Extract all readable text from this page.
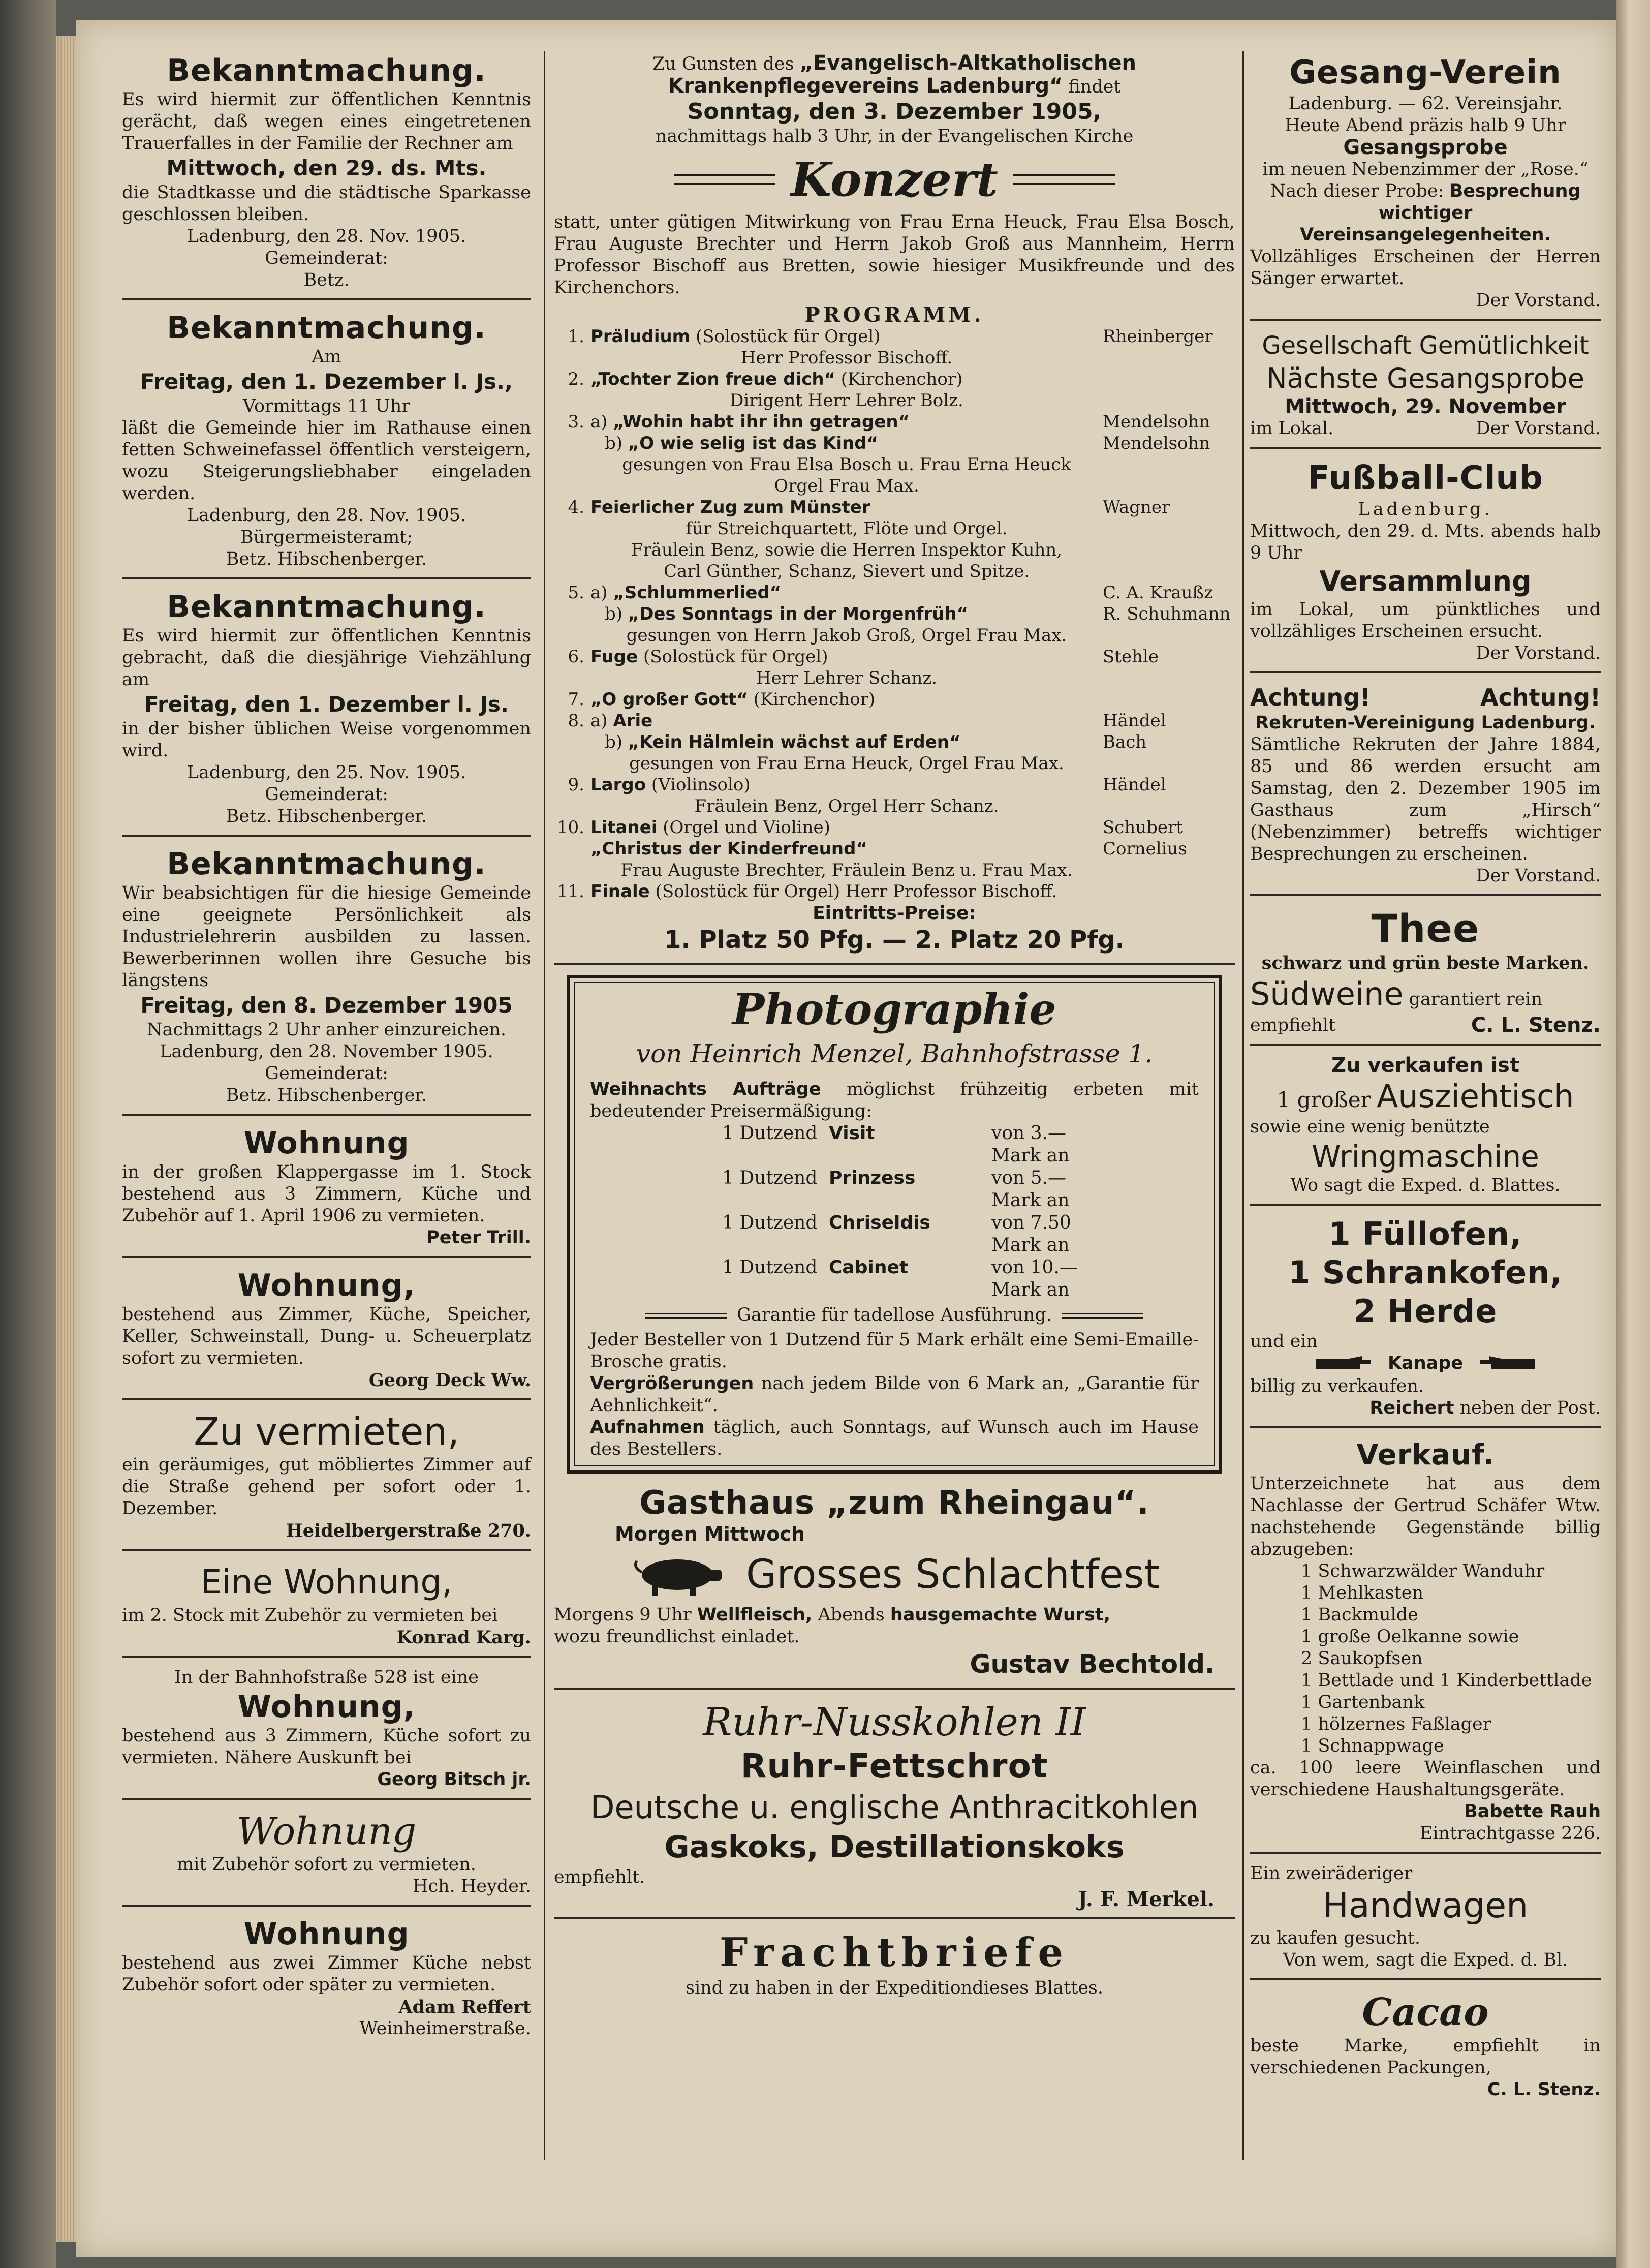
Bekanntmachung.
Es wird hiermit zur öffentlichen Kenntnis gerächt, daß wegen eines eingetretenen Trauerfalles in der Familie der Rechner am
Mittwoch, den 29. ds. Mts.
die Stadtkasse und die städtische Sparkasse geschlossen bleiben.
Ladenburg, den 28. Nov. 1905.
Gemeinderat:
Betz.
Bekanntmachung.
Am
Freitag, den 1. Dezember l. Js.,
Vormittags 11 Uhr
läßt die Gemeinde hier im Rathause einen fetten Schweinefassel öffentlich versteigern, wozu Steigerungsliebhaber eingeladen werden.
Ladenburg, den 28. Nov. 1905.
Bürgermeisteramt;
Betz. Hibschenberger.
Bekanntmachung.
Es wird hiermit zur öffentlichen Kenntnis gebracht, daß die diesjährige Viehzählung am
Freitag, den 1. Dezember l. Js.
in der bisher üblichen Weise vorgenommen wird.
Ladenburg, den 25. Nov. 1905.
Gemeinderat:
Betz. Hibschenberger.
Bekanntmachung.
Wir beabsichtigen für die hiesige Gemeinde eine geeignete Persönlichkeit als Industrielehrerin ausbilden zu lassen. Bewerberinnen wollen ihre Gesuche bis längstens
Freitag, den 8. Dezember 1905
Nachmittags 2 Uhr anher einzureichen.
Ladenburg, den 28. November 1905.
Gemeinderat:
Betz. Hibschenberger.
Wohnung
in der großen Klappergasse im 1. Stock bestehend aus 3 Zimmern, Küche und Zubehör auf 1. April 1906 zu vermieten.
Peter Trill.
Wohnung,
bestehend aus Zimmer, Küche, Speicher, Keller, Schweinstall, Dung- u. Scheuerplatz sofort zu vermieten.
Georg Deck Ww.
Zu vermieten,
ein geräumiges, gut möbliertes Zimmer auf die Straße gehend per sofort oder 1. Dezember.
Heidelbergerstraße 270.
Eine Wohnung,
im 2. Stock mit Zubehör zu vermieten bei
Konrad Karg.
In der Bahnhofstraße 528 ist eine
Wohnung,
bestehend aus 3 Zimmern, Küche sofort zu vermieten. Nähere Auskunft bei
Georg Bitsch jr.
Wohnung
mit Zubehör sofort zu vermieten.
Hch. Heyder.
Wohnung
bestehend aus zwei Zimmer Küche nebst Zubehör sofort oder später zu vermieten.
Adam Reffert
Weinheimerstraße.
Zu Gunsten des „Evangelisch-Altkatholischen
Krankenpflegevereins Ladenburg“ findet
Sonntag, den 3. Dezember 1905,
nachmittags halb 3 Uhr, in der Evangelischen Kirche
Konzert
statt, unter gütigen Mitwirkung von Frau Erna Heuck, Frau Elsa Bosch, Frau Auguste Brechter und Herrn Jakob Groß aus Mannheim, Herrn Professor Bischoff aus Bretten, sowie hiesiger Musikfreunde und des Kirchenchors.
PROGRAMM.
1.	Präludium (Solostück für Orgel)	Rheinberger
	Herr Professor Bischoff.	
2.	„Tochter Zion freue dich“ (Kirchenchor)	
	Dirigent Herr Lehrer Bolz.	
3.	a) „Wohin habt ihr ihn getragen“	Mendelsohn
	b) „O wie selig ist das Kind“	Mendelsohn
	gesungen von Frau Elsa Bosch u. Frau Erna Heuck	
	Orgel Frau Max.	
4.	Feierlicher Zug zum Münster	Wagner
	für Streichquartett, Flöte und Orgel.	
	Fräulein Benz, sowie die Herren Inspektor Kuhn,	
	Carl Günther, Schanz, Sievert und Spitze.	
5.	a) „Schlummerlied“	C. A. Kraußz
	b) „Des Sonntags in der Morgenfrüh“	R. Schuhmann
	gesungen von Herrn Jakob Groß, Orgel Frau Max.	
6.	Fuge (Solostück für Orgel)	Stehle
	Herr Lehrer Schanz.	
7.	„O großer Gott“ (Kirchenchor)	
8.	a) Arie	Händel
	b) „Kein Hälmlein wächst auf Erden“	Bach
	gesungen von Frau Erna Heuck, Orgel Frau Max.	
9.	Largo (Violinsolo)	Händel
	Fräulein Benz, Orgel Herr Schanz.	
10.	Litanei (Orgel und Violine)	Schubert
	„Christus der Kinderfreund“	Cornelius
	Frau Auguste Brechter, Fräulein Benz u. Frau Max.	
11.	Finale (Solostück für Orgel) Herr Professor Bischoff.	
Eintritts-Preise:
1. Platz 50 Pfg. — 2. Platz 20 Pfg.
Photographie
von Heinrich Menzel, Bahnhofstrasse 1.
Weihnachts Aufträge möglichst frühzeitig erbeten mit bedeutender Preisermäßigung:
1 Dutzend Visit	von 3.— Mark an
1 Dutzend Prinzess	von 5.— Mark an
1 Dutzend Chriseldis	von 7.50 Mark an
1 Dutzend Cabinet	von 10.— Mark an
Garantie für tadellose Ausführung.
Jeder Besteller von 1 Dutzend für 5 Mark erhält eine Semi-Emaille-Brosche gratis.
Vergrößerungen nach jedem Bilde von 6 Mark an, „Garantie für Aehnlichkeit“.
Aufnahmen täglich, auch Sonntags, auf Wunsch auch im Hause des Bestellers.
Gasthaus „zum Rheingau“.
Morgen Mittwoch
Grosses Schlachtfest
Morgens 9 Uhr Wellfleisch, Abends hausgemachte Wurst,
wozu freundlichst einladet.
Gustav Bechtold.
Ruhr-Nusskohlen II
Ruhr-Fettschrot
Deutsche u. englische Anthracitkohlen
Gaskoks, Destillationskoks
empfiehlt.
J. F. Merkel.
Frachtbriefe
sind zu haben in der Expeditiondieses Blattes.
Gesang-Verein
Ladenburg. — 62. Vereinsjahr.
Heute Abend präzis halb 9 Uhr
Gesangsprobe
im neuen Nebenzimmer der „Rose.“
Nach dieser Probe: Besprechung
wichtiger Vereinsangelegenheiten.
Vollzähliges Erscheinen der Herren Sänger erwartet.
Der Vorstand.
Gesellschaft Gemütlichkeit
Nächste Gesangsprobe
Mittwoch, 29. November
im Lokal.	Der Vorstand.
Fußball-Club
Ladenburg.
Mittwoch, den 29. d. Mts. abends halb 9 Uhr
Versammlung
im Lokal, um pünktliches und vollzähliges Erscheinen ersucht.
Der Vorstand.
Achtung!	Achtung!
Rekruten-Vereinigung Ladenburg.
Sämtliche Rekruten der Jahre 1884, 85 und 86 werden ersucht am Samstag, den 2. Dezember 1905 im Gasthaus zum „Hirsch“ (Nebenzimmer) betreffs wichtiger Besprechungen zu erscheinen.
Der Vorstand.
Thee
schwarz und grün beste Marken.
Südweine garantiert rein
empfiehlt	C. L. Stenz.
Zu verkaufen ist
1 großer Ausziehtisch
sowie eine wenig benützte
Wringmaschine
Wo sagt die Exped. d. Blattes.
1 Füllofen,
1 Schrankofen,
2 Herde
und ein
Kanape
billig zu verkaufen.
Reichert neben der Post.
Verkauf.
Unterzeichnete hat aus dem Nachlasse der Gertrud Schäfer Wtw. nachstehende Gegenstände billig abzugeben:
1 Schwarzwälder Wanduhr
1 Mehlkasten
1 Backmulde
1 große Oelkanne sowie
2 Saukopfsen
1 Bettlade und 1 Kinderbettlade
1 Gartenbank
1 hölzernes Faßlager
1 Schnappwage
ca. 100 leere Weinflaschen und verschiedene Haushaltungsgeräte.
Babette Rauh
Eintrachtgasse 226.
Ein zweiräderiger
Handwagen
zu kaufen gesucht.
Von wem, sagt die Exped. d. Bl.
Cacao
beste Marke, empfiehlt in verschiedenen Packungen,
C. L. Stenz.
